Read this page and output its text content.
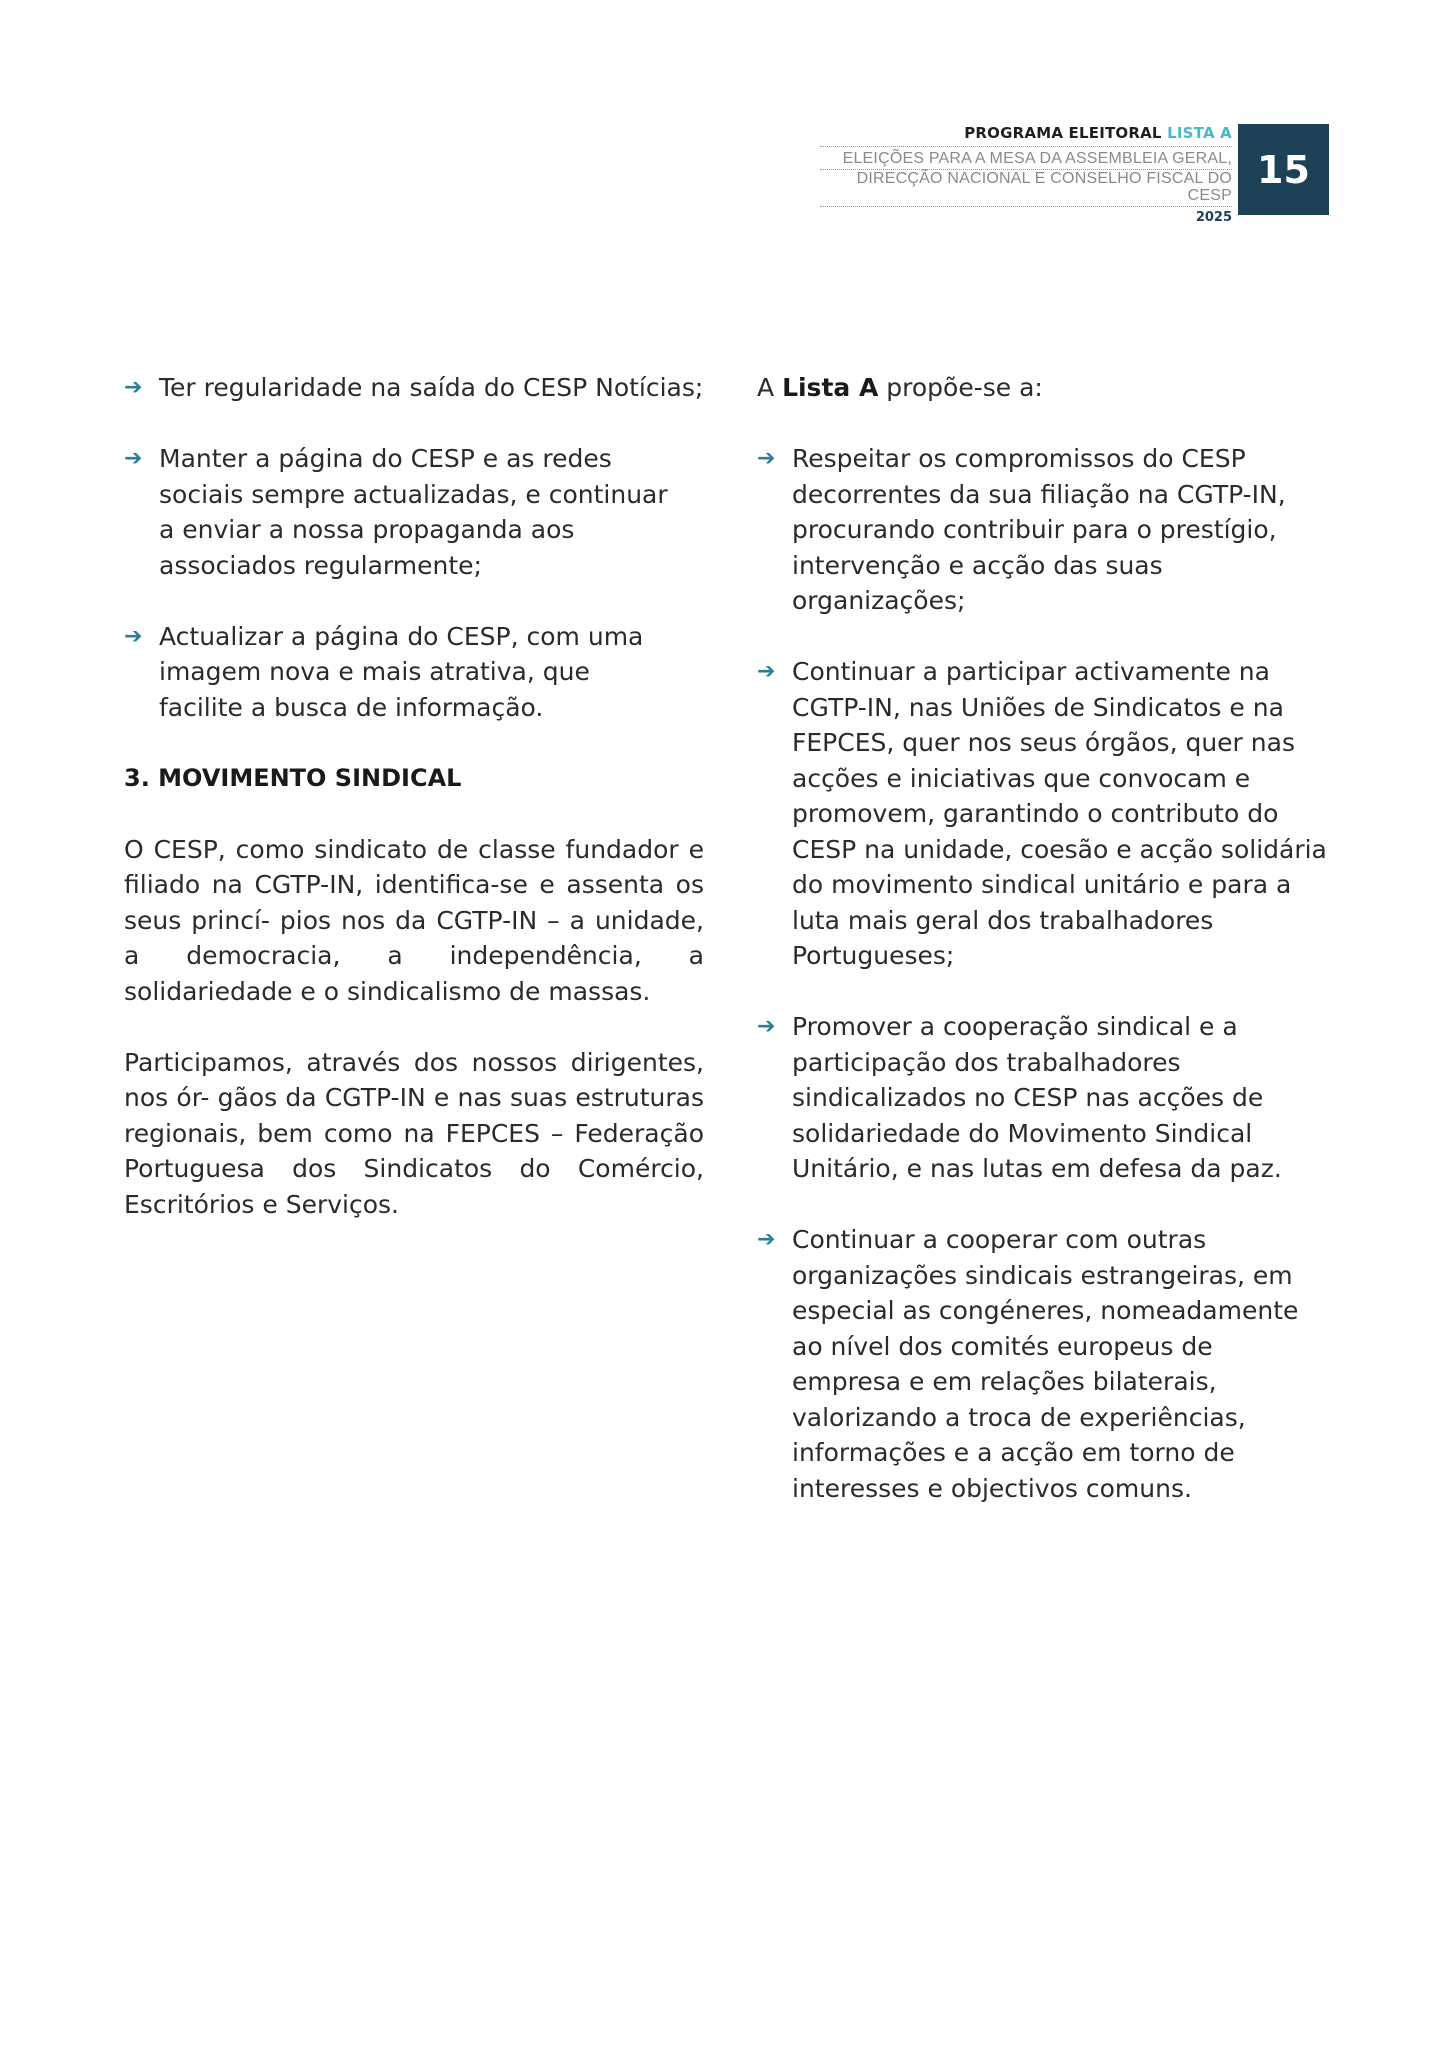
PROGRAMA ELEITORAL LISTA A
ELEIÇÕES PARA A MESA DA ASSEMBLEIA GERAL,
DIRECÇÃO NACIONAL E CONSELHO FISCAL DO CESP
2025
15
➔ Ter regularidade na saída do CESP Notícias;

➔ Manter a página do CESP e as redes sociais sempre actualizadas, e continuar a enviar a nossa propaganda aos associados regularmente;

➔ Actualizar a página do CESP, com uma imagem nova e mais atrativa, que facilite a busca de informação.

3. MOVIMENTO SINDICAL

O CESP, como sindicato de classe fundador e filiado na CGTP-IN, identifica-se e assenta os seus princí- pios nos da CGTP-IN – a unidade, a democracia, a independência, a solidariedade e o sindicalismo de massas.

Participamos, através dos nossos dirigentes, nos ór- gãos da CGTP-IN e nas suas estruturas regionais, bem como na FEPCES – Federação Portuguesa dos Sindicatos do Comércio, Escritórios e Serviços.

A Lista A propõe-se a:

➔ Respeitar os compromissos do CESP decorrentes da sua filiação na CGTP-IN, procurando contribuir para o prestígio, intervenção e acção das suas organizações;

➔ Continuar a participar activamente na CGTP-IN, nas Uniões de Sindicatos e na FEPCES, quer nos seus órgãos, quer nas acções e iniciativas que convocam e promovem, garantindo o contributo do CESP na unidade, coesão e acção solidária do movimento sindical unitário e para a luta mais geral dos trabalhadores Portugueses;

➔ Promover a cooperação sindical e a participação dos trabalhadores sindicalizados no CESP nas acções de solidariedade do Movimento Sindical Unitário, e nas lutas em defesa da paz.

➔ Continuar a cooperar com outras organizações sindicais estrangeiras, em especial as congéneres, nomeadamente ao nível dos comités europeus de empresa e em relações bilaterais, valorizando a troca de experiências, informações e a acção em torno de interesses e objectivos comuns.
